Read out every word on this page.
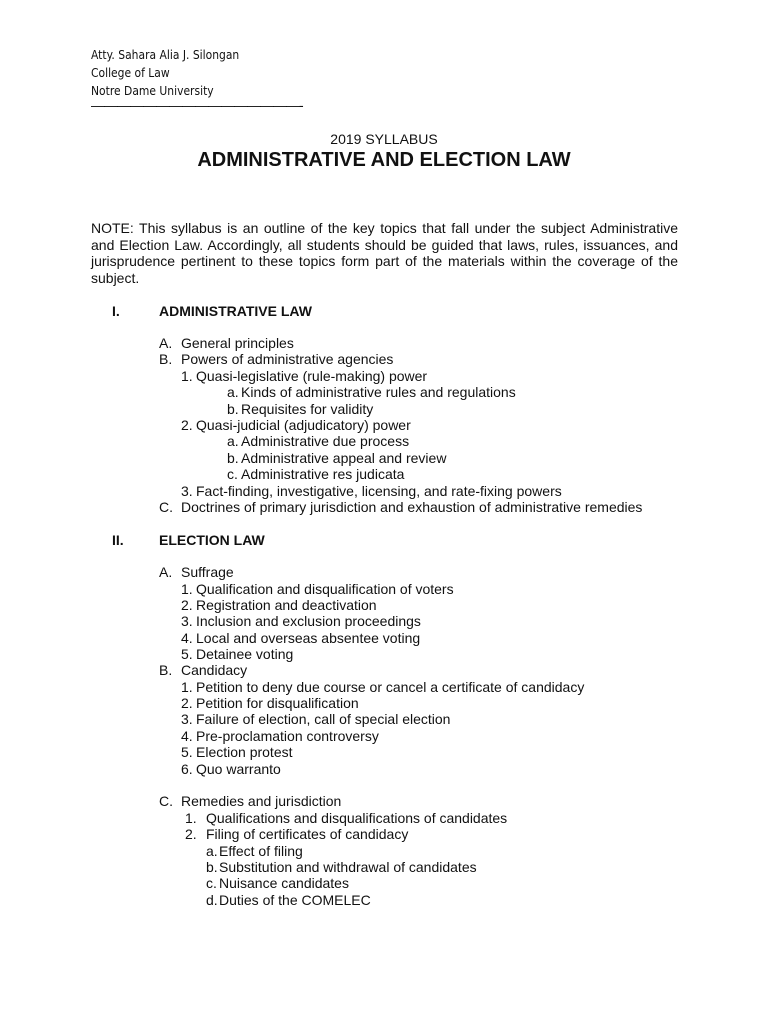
Atty. Sahara Alia J. Silongan
College of Law
Notre Dame University
————————————————-
2019 SYLLABUS
ADMINISTRATIVE AND ELECTION LAW
NOTE: This syllabus is an outline of the key topics that fall under the subject Administrative and Election Law. Accordingly, all students should be guided that laws, rules, issuances, and jurisprudence pertinent to these topics form part of the materials within the coverage of the subject.
I.	ADMINISTRATIVE LAW
A. General principles
B. Powers of administrative agencies
1. Quasi-legislative (rule-making) power
a. Kinds of administrative rules and regulations
b. Requisites for validity
2. Quasi-judicial (adjudicatory) power
a. Administrative due process
b. Administrative appeal and review
c. Administrative res judicata
3. Fact-finding, investigative, licensing, and rate-fixing powers
C. Doctrines of primary jurisdiction and exhaustion of administrative remedies
II.	ELECTION LAW
A. Suffrage
1. Qualification and disqualification of voters
2. Registration and deactivation
3. Inclusion and exclusion proceedings
4. Local and overseas absentee voting
5. Detainee voting
B. Candidacy
1. Petition to deny due course or cancel a certificate of candidacy
2. Petition for disqualification
3. Failure of election, call of special election
4. Pre-proclamation controversy
5. Election protest
6. Quo warranto
C. Remedies and jurisdiction
1. Qualifications and disqualifications of candidates
2. Filing of certificates of candidacy
a.Effect of filing
b.Substitution and withdrawal of candidates
c. Nuisance candidates
d.Duties of the COMELEC
